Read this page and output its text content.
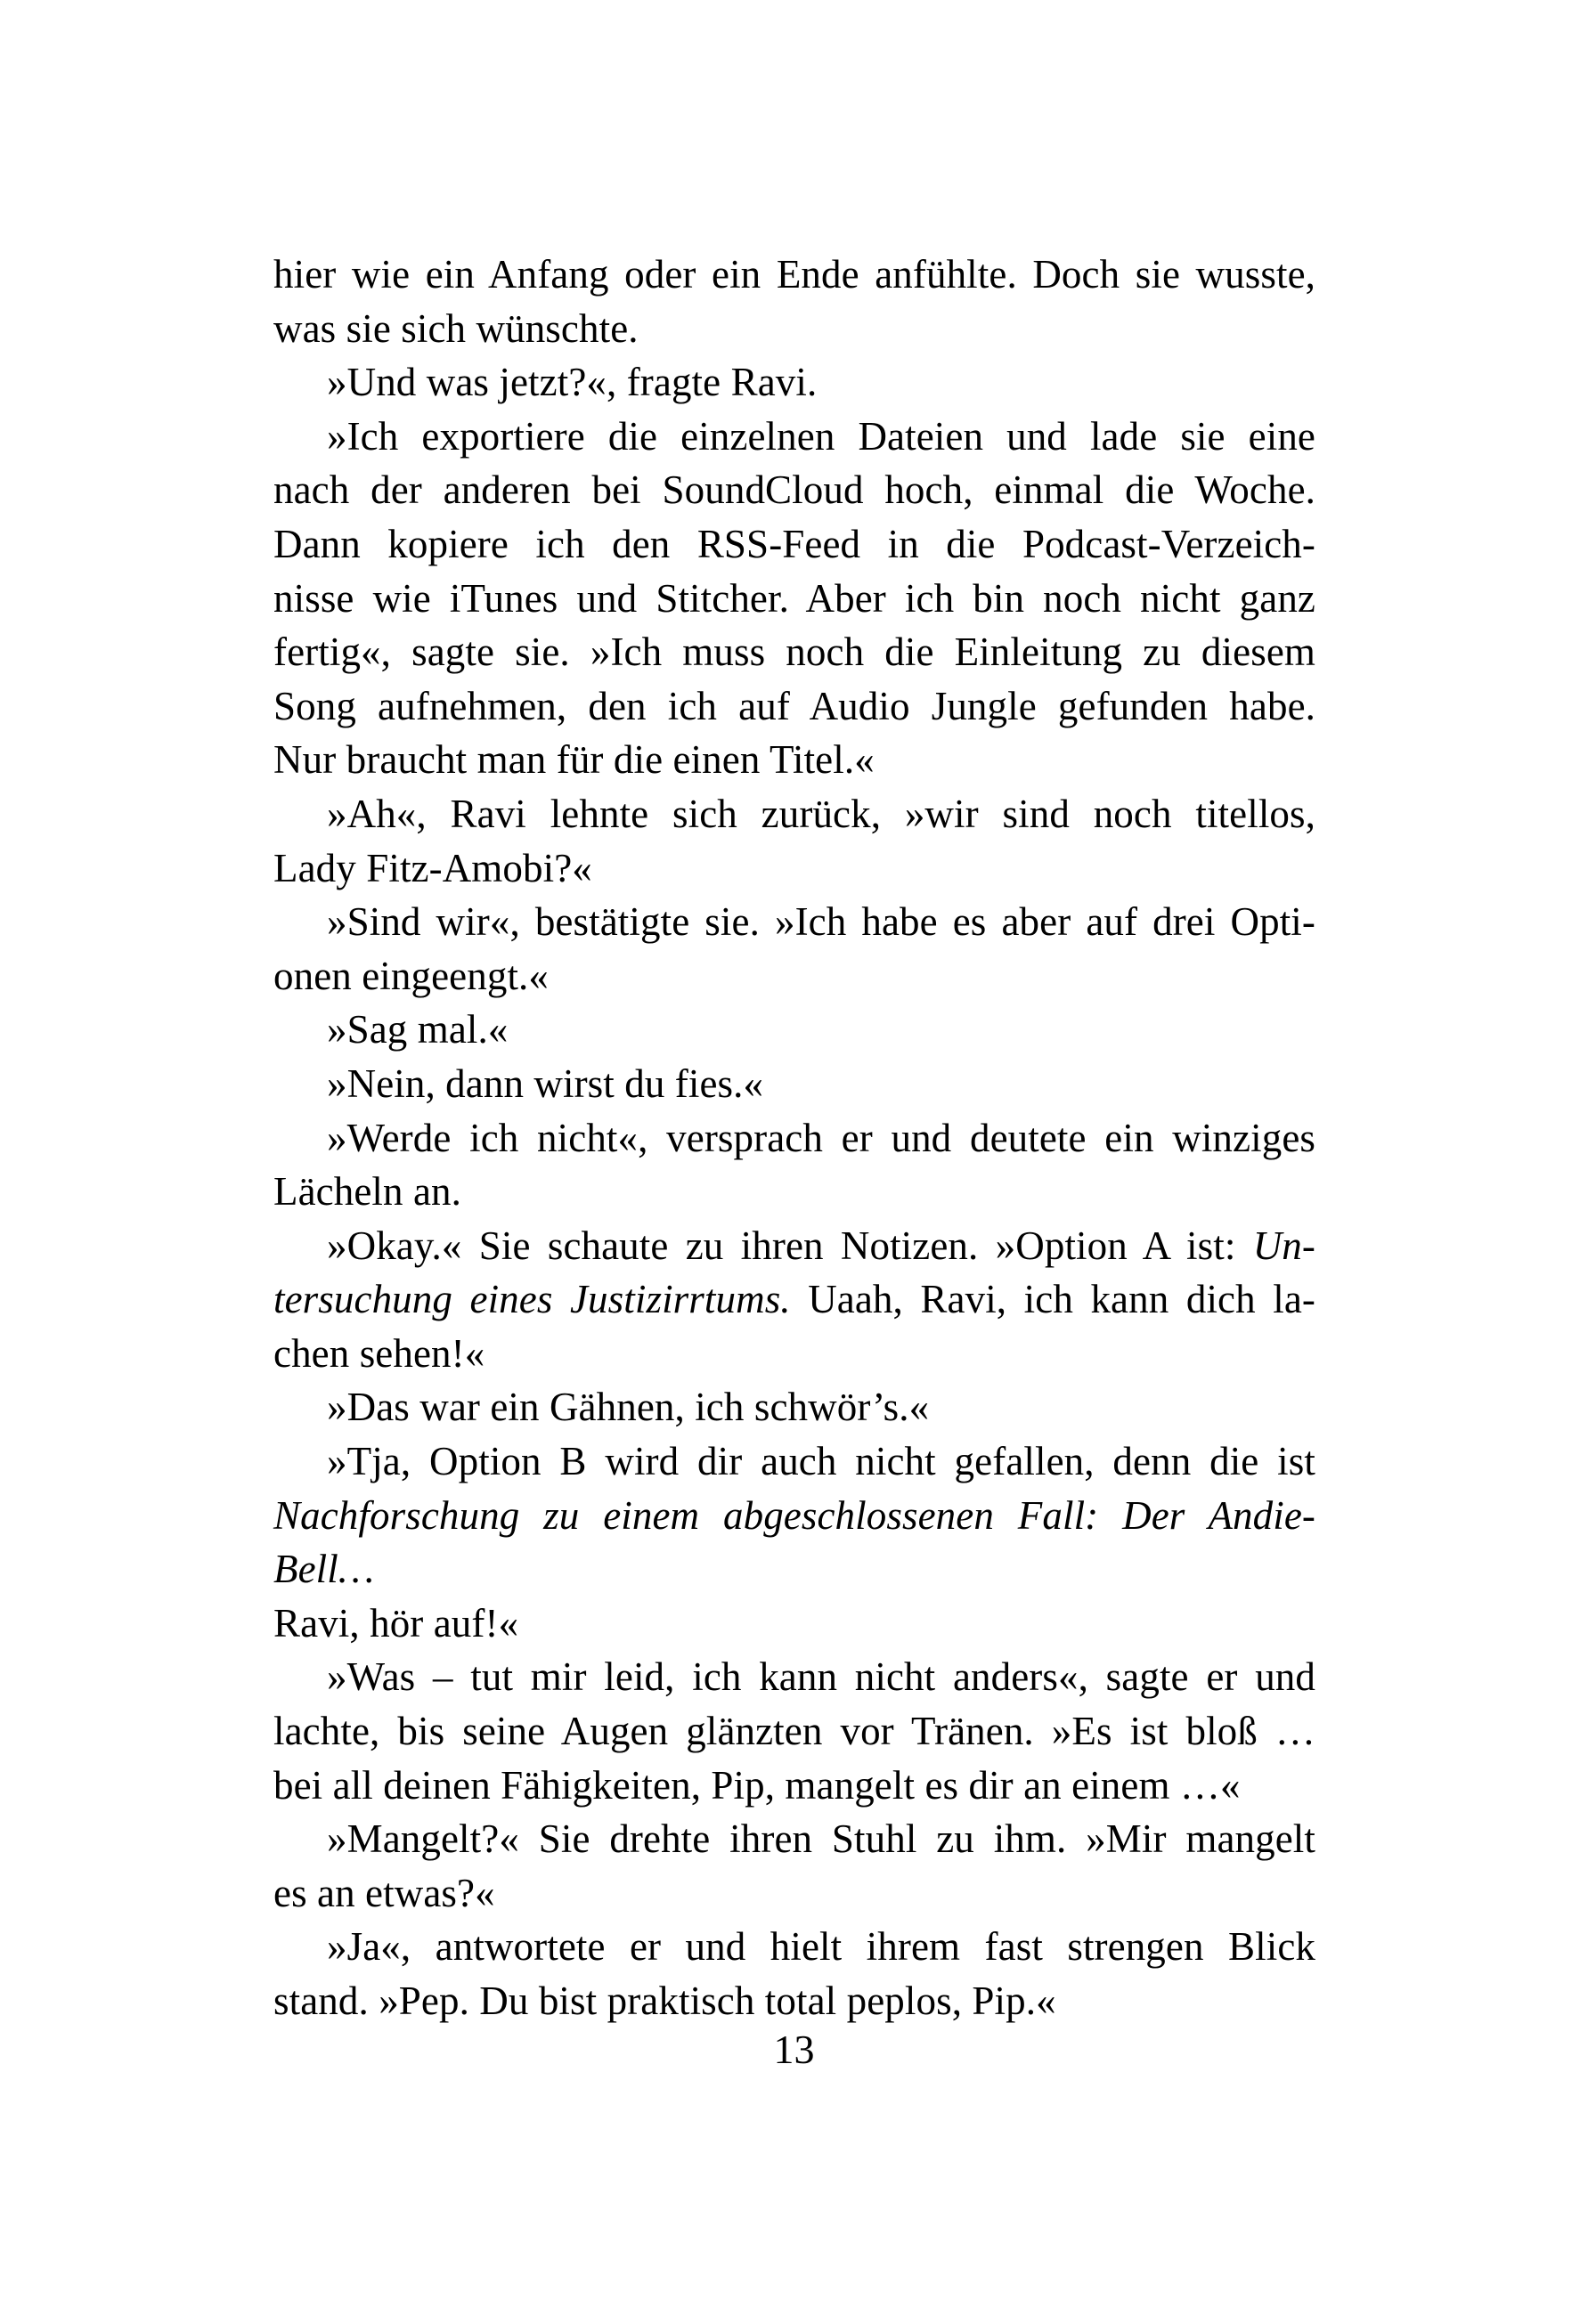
hier wie ein Anfang oder ein Ende anfühlte. Doch sie wusste,
was sie sich wünschte.
»Und was jetzt?«, fragte Ravi.
»Ich exportiere die einzelnen Dateien und lade sie eine
nach der anderen bei SoundCloud hoch, einmal die Woche.
Dann kopiere ich den RSS-Feed in die Podcast-Verzeich-
nisse wie iTunes und Stitcher. Aber ich bin noch nicht ganz
fertig«, sagte sie. »Ich muss noch die Einleitung zu diesem
Song aufnehmen, den ich auf Audio Jungle gefunden habe.
Nur braucht man für die einen Titel.«
»Ah«, Ravi lehnte sich zurück, »wir sind noch titellos,
Lady Fitz-Amobi?«
»Sind wir«, bestätigte sie. »Ich habe es aber auf drei Opti-
onen eingeengt.«
»Sag mal.«
»Nein, dann wirst du fies.«
»Werde ich nicht«, versprach er und deutete ein winziges
Lächeln an.
»Okay.« Sie schaute zu ihren Notizen. »Option A ist: Un-
tersuchung eines Justizirrtums. Uaah, Ravi, ich kann dich la-
chen sehen!«
»Das war ein Gähnen, ich schwör’s.«
»Tja, Option B wird dir auch nicht gefallen, denn die ist
Nachforschung zu einem abgeschlossenen Fall: Der Andie-Bell…
Ravi, hör auf!«
»Was – tut mir leid, ich kann nicht anders«, sagte er und
lachte, bis seine Augen glänzten vor Tränen. »Es ist bloß …
bei all deinen Fähigkeiten, Pip, mangelt es dir an einem …«
»Mangelt?« Sie drehte ihren Stuhl zu ihm. »Mir mangelt
es an etwas?«
»Ja«, antwortete er und hielt ihrem fast strengen Blick
stand. »Pep. Du bist praktisch total peplos, Pip.«
13
